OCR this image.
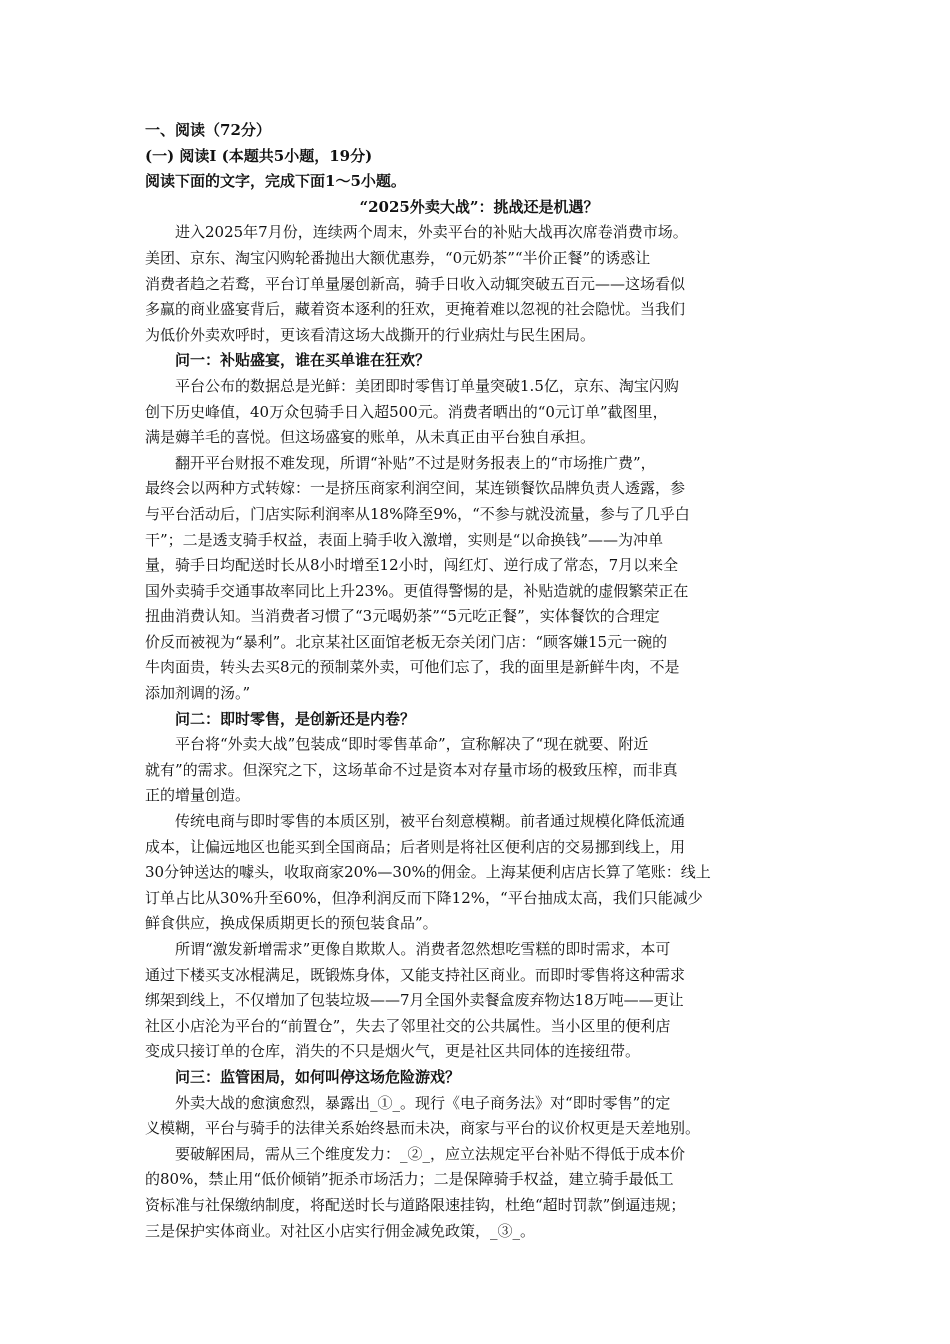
一、阅读（72分）

(一) 阅读Ⅰ (本题共5小题，19分)

阅读下面的文字，完成下面1～5小题。

“2025外卖大战”：挑战还是机遇？

进入2025年7月份，连续两个周末，外卖平台的补贴大战再次席卷消费市场。
美团、京东、淘宝闪购轮番抛出大额优惠券，“0元奶茶”“半价正餐”的诱惑让
消费者趋之若鹜，平台订单量屡创新高，骑手日收入动辄突破五百元——这场看似
多赢的商业盛宴背后，藏着资本逐利的狂欢，更掩着难以忽视的社会隐忧。当我们
为低价外卖欢呼时，更该看清这场大战撕开的行业病灶与民生困局。

问一：补贴盛宴，谁在买单谁在狂欢？

平台公布的数据总是光鲜：美团即时零售订单量突破1.5亿，京东、淘宝闪购
创下历史峰值，40万众包骑手日入超500元。消费者晒出的“0元订单”截图里，
满是薅羊毛的喜悦。但这场盛宴的账单，从未真正由平台独自承担。
翻开平台财报不难发现，所谓“补贴”不过是财务报表上的“市场推广费”，
最终会以两种方式转嫁：一是挤压商家利润空间，某连锁餐饮品牌负责人透露，参
与平台活动后，门店实际利润率从18%降至9%，“不参与就没流量，参与了几乎白
干”；二是透支骑手权益，表面上骑手收入激增，实则是“以命换钱”——为冲单
量，骑手日均配送时长从8小时增至12小时，闯红灯、逆行成了常态，7月以来全
国外卖骑手交通事故率同比上升23%。更值得警惕的是，补贴造就的虚假繁荣正在
扭曲消费认知。当消费者习惯了“3元喝奶茶”“5元吃正餐”，实体餐饮的合理定
价反而被视为“暴利”。北京某社区面馆老板无奈关闭门店：“顾客嫌15元一碗的
牛肉面贵，转头去买8元的预制菜外卖，可他们忘了，我的面里是新鲜牛肉，不是
添加剂调的汤。”

问二：即时零售，是创新还是内卷？

平台将“外卖大战”包装成“即时零售革命”，宣称解决了“现在就要、附近
就有”的需求。但深究之下，这场革命不过是资本对存量市场的极致压榨，而非真
正的增量创造。
传统电商与即时零售的本质区别，被平台刻意模糊。前者通过规模化降低流通
成本，让偏远地区也能买到全国商品；后者则是将社区便利店的交易挪到线上，用
30分钟送达的噱头，收取商家20%—30%的佣金。上海某便利店店长算了笔账：线上
订单占比从30%升至60%，但净利润反而下降12%，“平台抽成太高，我们只能减少
鲜食供应，换成保质期更长的预包装食品”。
所谓“激发新增需求”更像自欺欺人。消费者忽然想吃雪糕的即时需求，本可
通过下楼买支冰棍满足，既锻炼身体，又能支持社区商业。而即时零售将这种需求
绑架到线上，不仅增加了包装垃圾——7月全国外卖餐盒废弃物达18万吨——更让
社区小店沦为平台的“前置仓”，失去了邻里社交的公共属性。当小区里的便利店
变成只接订单的仓库，消失的不只是烟火气，更是社区共同体的连接纽带。

问三：监管困局，如何叫停这场危险游戏？

外卖大战的愈演愈烈，暴露出_①_。现行《电子商务法》对“即时零售”的定
义模糊，平台与骑手的法律关系始终悬而未决，商家与平台的议价权更是天差地别。
要破解困局，需从三个维度发力：_②_，应立法规定平台补贴不得低于成本价
的80%，禁止用“低价倾销”扼杀市场活力；二是保障骑手权益，建立骑手最低工
资标准与社保缴纳制度，将配送时长与道路限速挂钩，杜绝“超时罚款”倒逼违规；
三是保护实体商业。对社区小店实行佣金减免政策，_③_。
